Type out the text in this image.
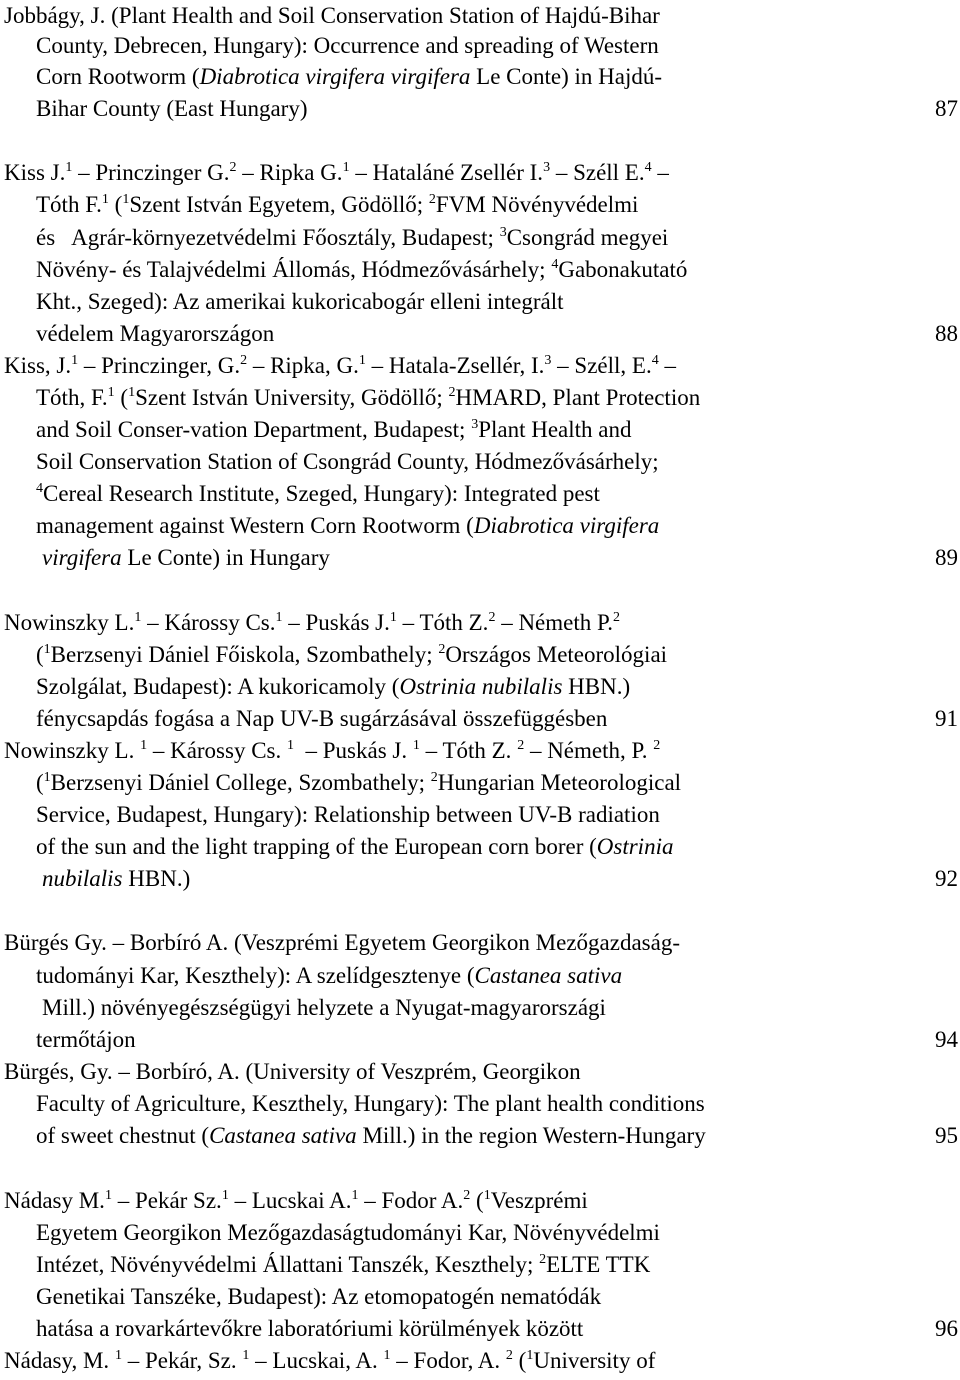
Jobbágy, J. (Plant Health and Soil Conservation Station of Hajdú-Bihar
County, Debrecen, Hungary): Occurrence and spreading of Western
Corn Rootworm (Diabrotica virgifera virgifera Le Conte) in Hajdú-
Bihar County (East Hungary)	87
Kiss J.$^1$ – Princzinger G.$^2$ – Ripka G.$^1$ – Hataláné Zsellér I.$^3$ – Széll E.$^4$ –
Tóth F.$^1$ ($^1$Szent István Egyetem, Gödöllő; $^2$FVM Növényvédelmi
és   Agrár-környezetvédelmi Főosztály, Budapest; $^3$Csongrád megyei
Növény- és Talajvédelmi Állomás, Hódmezővásárhely; $^4$Gabonakutató
Kht., Szeged): Az amerikai kukoricabogár elleni integrált
védelem Magyarországon	88
Kiss, J.$^1$ – Princzinger, G.$^2$ – Ripka, G.$^1$ – Hatala-Zsellér, I.$^3$ – Széll, E.$^4$ –
Tóth, F.$^1$ ($^1$Szent István University, Gödöllő; $^2$HMARD, Plant Protection
and Soil Conser-vation Department, Budapest; $^3$Plant Health and
Soil Conservation Station of Csongrád County, Hódmezővásárhely;
$^4$Cereal Research Institute, Szeged, Hungary): Integrated pest
management against Western Corn Rootworm (Diabrotica virgifera
virgifera Le Conte) in Hungary	89
Nowinszky L.$^1$ – Károssy Cs.$^1$ – Puskás J.$^1$ – Tóth Z.$^2$ – Németh P.$^2$
($^1$Berzsenyi Dániel Főiskola, Szombathely; $^2$Országos Meteorológiai
Szolgálat, Budapest): A kukoricamoly (Ostrinia nubilalis HBN.)
fénycsapdás fogása a Nap UV-B sugárzásával összefüggésben	91
Nowinszky L. $^1$ – Károssy Cs. $^1$  – Puskás J. $^1$ – Tóth Z. $^2$ – Németh, P. $^2$
($^1$Berzsenyi Dániel College, Szombathely; $^2$Hungarian Meteorological
Service, Budapest, Hungary): Relationship between UV-B radiation
of the sun and the light trapping of the European corn borer (Ostrinia
nubilalis HBN.)	92
Bürgés Gy. – Borbíró A. (Veszprémi Egyetem Georgikon Mezőgazdaság-
tudományi Kar, Keszthely): A szelídgesztenye (Castanea sativa
Mill.) növényegészségügyi helyzete a Nyugat-magyarországi
termőtájon	94
Bürgés, Gy. – Borbíró, A. (University of Veszprém, Georgikon
Faculty of Agriculture, Keszthely, Hungary): The plant health conditions
of sweet chestnut (Castanea sativa Mill.) in the region Western-Hungary	95
Nádasy M.$^1$ – Pekár Sz.$^1$ – Lucskai A.$^1$ – Fodor A.$^2$ ($^1$Veszprémi
Egyetem Georgikon Mezőgazdaságtudományi Kar, Növényvédelmi
Intézet, Növényvédelmi Állattani Tanszék, Keszthely; $^2$ELTE TTK
Genetikai Tanszéke, Budapest): Az etomopatogén nematódák
hatása a rovarkártevőkre laboratóriumi körülmények között	96
Nádasy, M. $^1$ – Pekár, Sz. $^1$ – Lucskai, A. $^1$ – Fodor, A. $^2$ ($^1$University of
